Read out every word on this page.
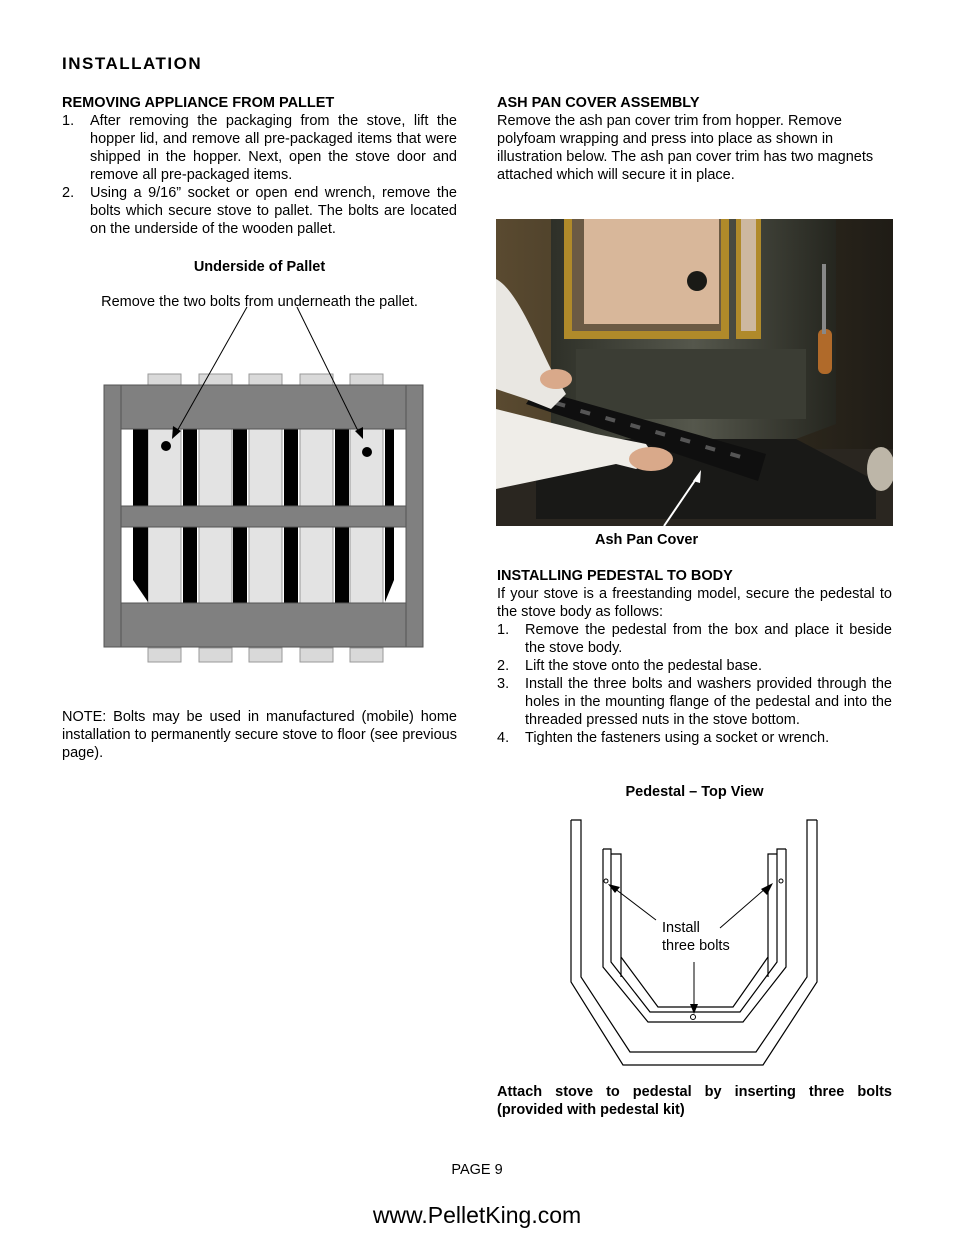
INSTALLATION
REMOVING APPLIANCE FROM PALLET
1. After removing the packaging from the stove, lift the hopper lid, and remove all pre-packaged items that were shipped in the hopper. Next, open the stove door and remove all pre-packaged items.
2. Using a 9/16” socket or open end wrench, remove the bolts which secure stove to pallet. The bolts are located on the underside of the wooden pallet.
Underside of Pallet
Remove the two bolts from underneath the pallet.
NOTE: Bolts may be used in manufactured (mobile) home installation to permanently secure stove to floor (see previous page).
ASH PAN COVER ASSEMBLY
Remove the ash pan cover trim from hopper. Remove polyfoam wrapping and press into place as shown in illustration below. The ash pan cover trim has two magnets attached which will secure it in place.
Ash Pan Cover
INSTALLING PEDESTAL TO BODY
If your stove is a freestanding model, secure the pedestal to the stove body as follows:
1. Remove the pedestal from the box and place it beside the stove body.
2. Lift the stove onto the pedestal base.
3. Install the three bolts and washers provided through the holes in the mounting flange of the pedestal and into the threaded pressed nuts in the stove bottom.
4. Tighten the fasteners using a socket or wrench.
Pedestal – Top View
Install
three bolts
Attach stove to pedestal by inserting three bolts (provided with pedestal kit)
PAGE 9
www.PelletKing.com
